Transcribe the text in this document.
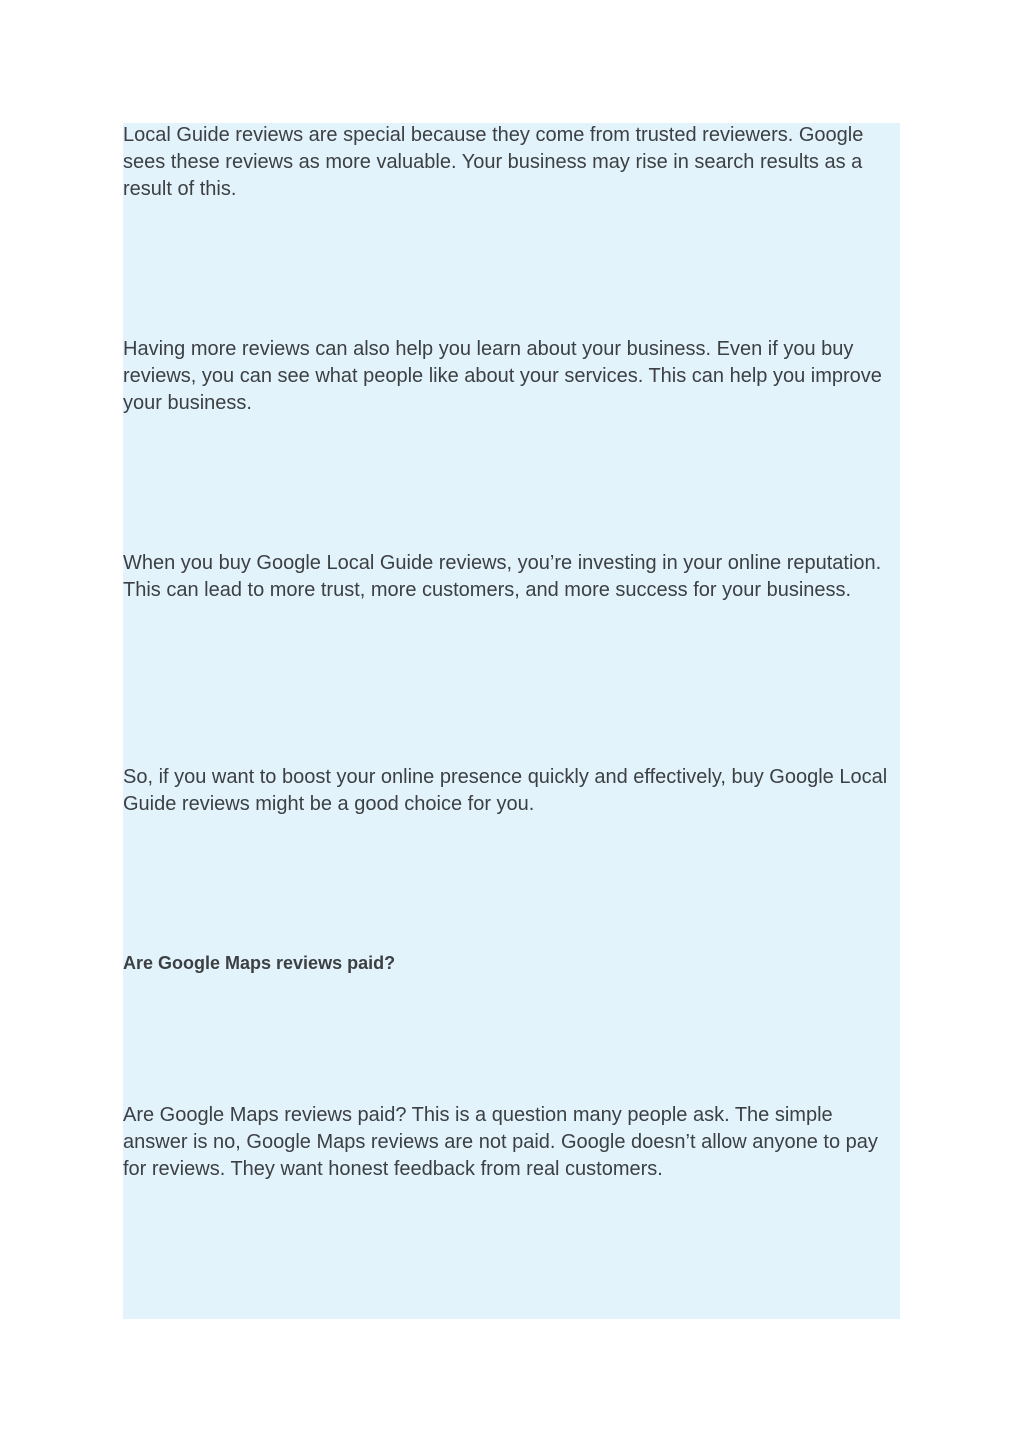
Local Guide reviews are special because they come from trusted reviewers. Google sees these reviews as more valuable. Your business may rise in search results as a result of this.

Having more reviews can also help you learn about your business. Even if you buy reviews, you can see what people like about your services. This can help you improve your business.

When you buy Google Local Guide reviews, you’re investing in your online reputation. This can lead to more trust, more customers, and more success for your business.

So, if you want to boost your online presence quickly and effectively, buy Google Local Guide reviews might be a good choice for you.

Are Google Maps reviews paid?

Are Google Maps reviews paid? This is a question many people ask. The simple answer is no, Google Maps reviews are not paid. Google doesn’t allow anyone to pay for reviews. They want honest feedback from real customers.
